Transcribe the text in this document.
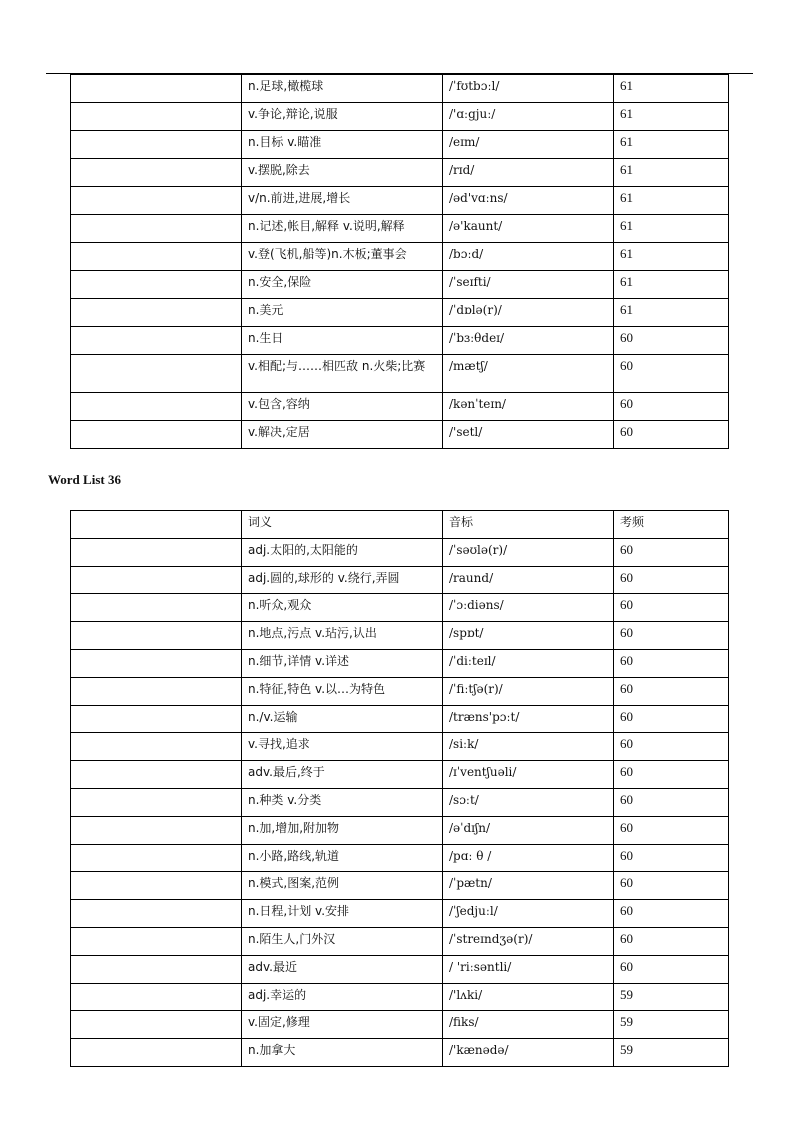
	n.足球,橄榄球	/ˈfʊtbɔːl/	61
	v.争论,辩论,说服	/'ɑːgjuː/	61
	n.目标 v.瞄准	/eɪm/	61
	v.摆脱,除去	/rɪd/	61
	v/n.前进,进展,增长	/əd'vɑːns/	61
	n.记述,帐目,解释 v.说明,解释	/ə'kaunt/	61
	v.登(飞机,船等)n.木板;董事会	/bɔːd/	61
	n.安全,保险	/ˈseɪfti/	61
	n.美元	/ˈdɒlə(r)/	61
	n.生日	/ˈbɜːθdeɪ/	60
	v.相配;与……相匹敌 n.火柴;比赛	/mætʃ/	60
	v.包含,容纳	/kənˈteɪn/	60
	v.解决,定居	/'setl/	60
Word List 36
	词义	音标	考频
	adj.太阳的,太阳能的	/ˈsəʊlə(r)/	60
	adj.圆的,球形的 v.绕行,弄圆	/raund/	60
	n.听众,观众	/ˈɔːdiəns/	60
	n.地点,污点 v.玷污,认出	/spɒt/	60
	n.细节,详情 v.详述	/ˈdiːteɪl/	60
	n.特征,特色 v.以…为特色	/ˈfiːtʃə(r)/	60
	n./v.运输	/træns'pɔːt/	60
	v.寻找,追求	/siːk/	60
	adv.最后,终于	/ɪˈventʃuəli/	60
	n.种类 v.分类	/sɔːt/	60
	n.加,增加,附加物	/əˈdɪʃn/	60
	n.小路,路线,轨道	/pɑː θ /	60
	n.模式,图案,范例	/ˈpætn/	60
	n.日程,计划 v.安排	/ˈʃedjuːl/	60
	n.陌生人,门外汉	/ˈstreɪndʒə(r)/	60
	adv.最近	/ 'riːsəntli/	60
	adj.幸运的	/'lʌki/	59
	v.固定,修理	/fiks/	59
	n.加拿大	/'kænədə/	59
